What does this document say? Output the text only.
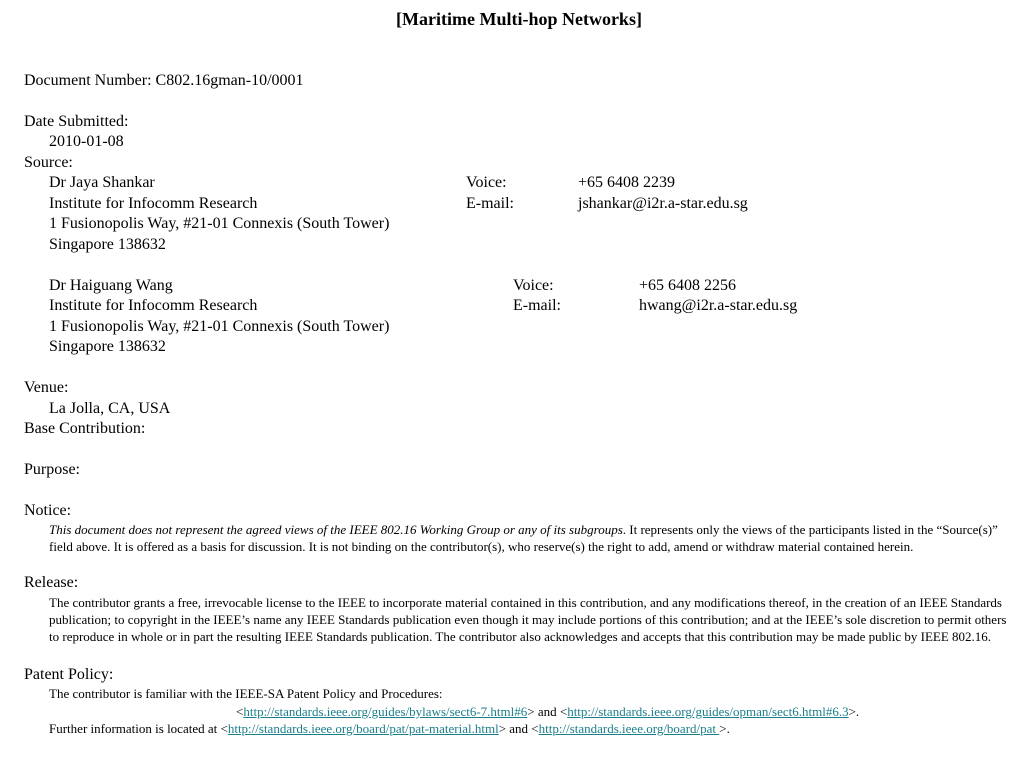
[Maritime Multi-hop Networks]
Document Number: C802.16gman-10/0001
Date Submitted:
2010-01-08
Source:
Dr Jaya Shankar
Institute for Infocomm Research
1 Fusionopolis Way, #21-01 Connexis (South Tower)
Singapore 138632
Voice:	+65 6408 2239
E-mail:	jshankar@i2r.a-star.edu.sg
Dr Haiguang Wang
Institute for Infocomm Research
1 Fusionopolis Way, #21-01 Connexis (South Tower)
Singapore 138632
Voice:	+65 6408 2256
E-mail:	hwang@i2r.a-star.edu.sg
Venue:
La Jolla, CA, USA
Base Contribution:
Purpose:
Notice:
This document does not represent the agreed views of the IEEE 802.16 Working Group or any of its subgroups. It represents only the views of the participants listed in the “Source(s)” field above. It is offered as a basis for discussion. It is not binding on the contributor(s), who reserve(s) the right to add, amend or withdraw material contained herein.
Release:
The contributor grants a free, irrevocable license to the IEEE to incorporate material contained in this contribution, and any modifications thereof, in the creation of an IEEE Standards publication; to copyright in the IEEE’s name any IEEE Standards publication even though it may include portions of this contribution; and at the IEEE’s sole discretion to permit others to reproduce in whole or in part the resulting IEEE Standards publication. The contributor also acknowledges and accepts that this contribution may be made public by IEEE 802.16.
Patent Policy:
The contributor is familiar with the IEEE-SA Patent Policy and Procedures:
<http://standards.ieee.org/guides/bylaws/sect6-7.html#6> and <http://standards.ieee.org/guides/opman/sect6.html#6.3>.
Further information is located at <http://standards.ieee.org/board/pat/pat-material.html> and <http://standards.ieee.org/board/pat >.
